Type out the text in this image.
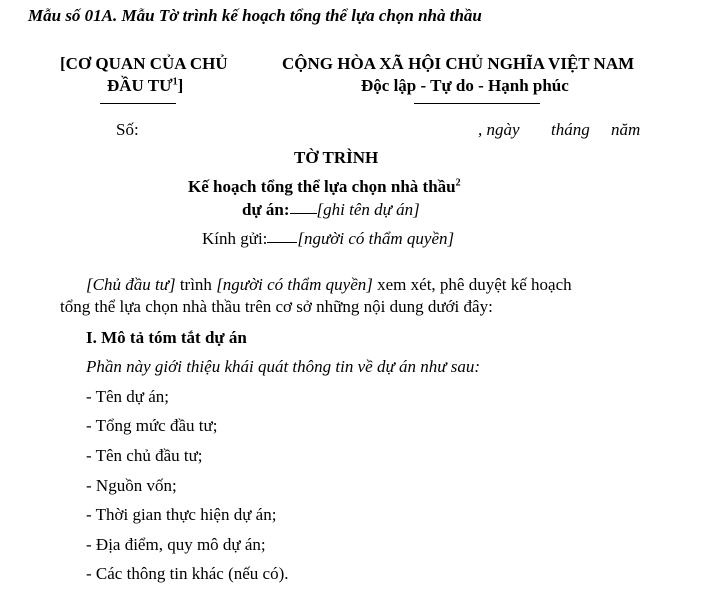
Mẫu số 01A. Mẫu Tờ trình kế hoạch tổng thể lựa chọn nhà thầu
[CƠ QUAN CỦA CHỦ
ĐẦU $TƯ^1$]
CỘNG HÒA XÃ HỘI CHỦ NGHĨA VIỆT NAM
Độc lập - Tự do - Hạnh phúc
Số:	, ngày tháng năm
TỜ TRÌNH
Kế hoạch tổng thể lựa chọn nhà thầu$^2$
dự án: [ghi tên dự án]
Kính gửi: [người có thẩm quyền]
[Chủ đầu tư] trình [người có thẩm quyền] xem xét, phê duyệt kế hoạch
tổng thể lựa chọn nhà thầu trên cơ sở những nội dung dưới đây:
I. Mô tả tóm tắt dự án
Phần này giới thiệu khái quát thông tin về dự án như sau:
- Tên dự án;
- Tổng mức đầu tư;
- Tên chủ đầu tư;
- Nguồn vốn;
- Thời gian thực hiện dự án;
- Địa điểm, quy mô dự án;
- Các thông tin khác (nếu có).
